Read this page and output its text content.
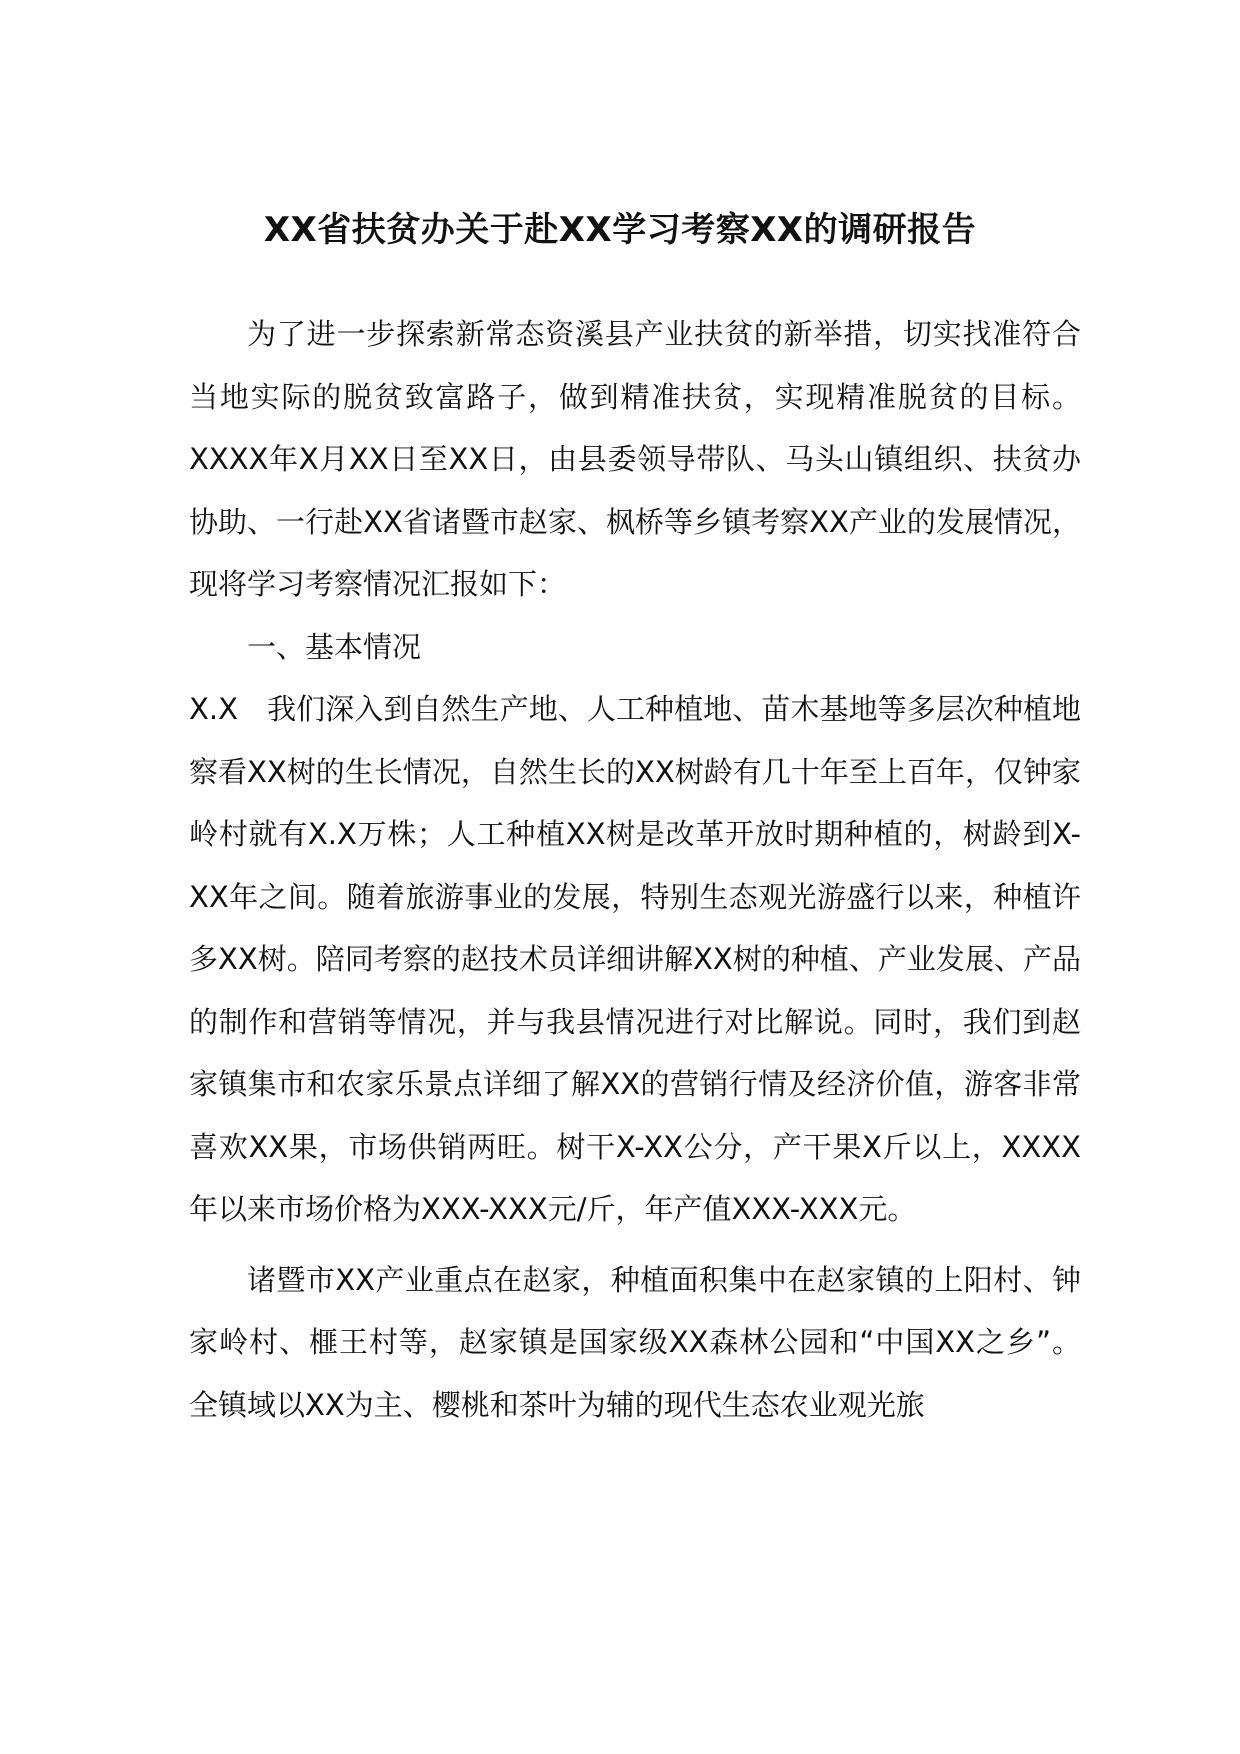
XX省扶贫办关于赴XX学习考察XX的调研报告

为了进一步探索新常态资溪县产业扶贫的新举措，切实找准符合当地实际的脱贫致富路子，做到精准扶贫，实现精准脱贫的目标。XXXX年X月XX日至XX日，由县委领导带队、马头山镇组织、扶贫办协助、一行赴XX省诸暨市赵家、枫桥等乡镇考察XX产业的发展情况，现将学习考察情况汇报如下：

一、基本情况

X.X　我们深入到自然生产地、人工种植地、苗木基地等多层次种植地察看XX树的生长情况，自然生长的XX树龄有几十年至上百年，仅钟家岭村就有X.X万株；人工种植XX树是改革开放时期种植的，树龄到X-XX年之间。随着旅游事业的发展，特别生态观光游盛行以来，种植许多XX树。陪同考察的赵技术员详细讲解XX树的种植、产业发展、产品的制作和营销等情况，并与我县情况进行对比解说。同时，我们到赵家镇集市和农家乐景点详细了解XX的营销行情及经济价值，游客非常喜欢XX果，市场供销两旺。树干X-XX公分，产干果X斤以上，XXXX年以来市场价格为XXX-XXX元/斤，年产值XXX-XXX元。

诸暨市XX产业重点在赵家，种植面积集中在赵家镇的上阳村、钟家岭村、榧王村等，赵家镇是国家级XX森林公园和“中国XX之乡”。全镇域以XX为主、樱桃和茶叶为辅的现代生态农业观光旅
